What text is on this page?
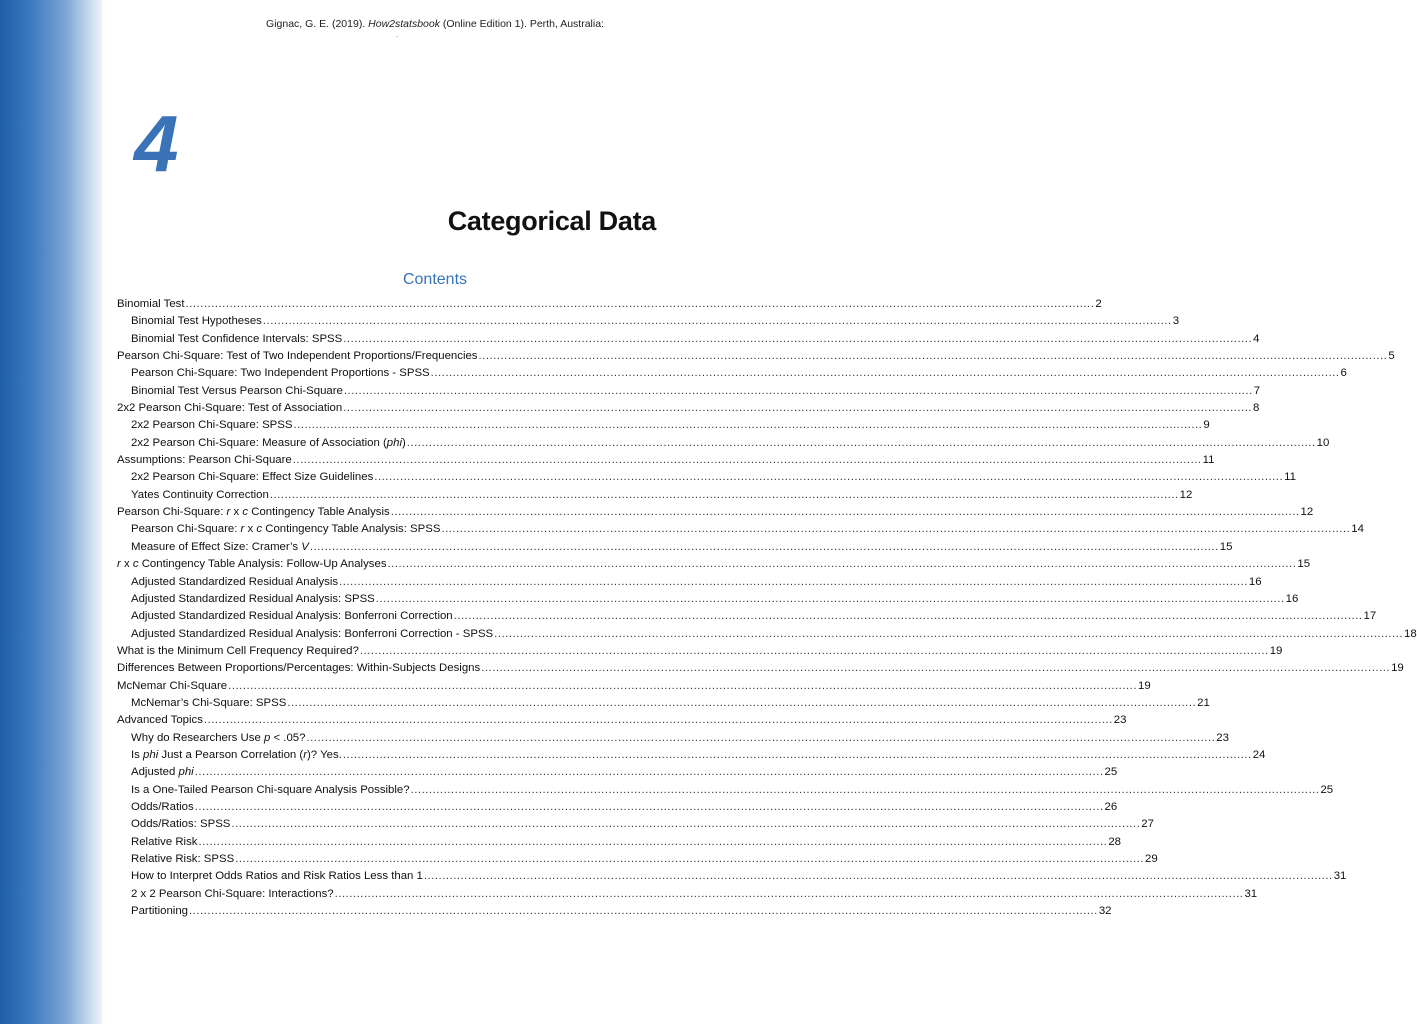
Gignac, G. E. (2019). How2statsbook (Online Edition 1). Perth, Australia:
.
4
Categorical Data
Contents
Binomial Test .....	2
Binomial Test Hypotheses .....	3
Binomial Test Confidence Intervals: SPSS .....	4
Pearson Chi-Square: Test of Two Independent Proportions/Frequencies .....	5
Pearson Chi-Square: Two Independent Proportions - SPSS .....	6
Binomial Test Versus Pearson Chi-Square .....	7
2x2 Pearson Chi-Square: Test of Association .....	8
2x2 Pearson Chi-Square: SPSS .....	9
2x2 Pearson Chi-Square: Measure of Association (phi) .....	10
Assumptions: Pearson Chi-Square .....	11
2x2 Pearson Chi-Square: Effect Size Guidelines .....	11
Yates Continuity Correction .....	12
Pearson Chi-Square: r x c Contingency Table Analysis .....	12
Pearson Chi-Square: r x c Contingency Table Analysis: SPSS .....	14
Measure of Effect Size: Cramer’s V .....	15
r x c Contingency Table Analysis: Follow-Up Analyses .....	15
Adjusted Standardized Residual Analysis .....	16
Adjusted Standardized Residual Analysis: SPSS .....	16
Adjusted Standardized Residual Analysis: Bonferroni Correction .....	17
Adjusted Standardized Residual Analysis: Bonferroni Correction - SPSS .....	18
What is the Minimum Cell Frequency Required? .....	19
Differences Between Proportions/Percentages: Within-Subjects Designs .....	19
McNemar Chi-Square .....	19
McNemar’s Chi-Square: SPSS .....	21
Advanced Topics .....	23
Why do Researchers Use p < .05? .....	23
Is phi Just a Pearson Correlation (r)? Yes. .....	24
Adjusted phi .....	25
Is a One-Tailed Pearson Chi-square Analysis Possible? .....	25
Odds/Ratios .....	26
Odds/Ratios: SPSS .....	27
Relative Risk .....	28
Relative Risk: SPSS .....	29
How to Interpret Odds Ratios and Risk Ratios Less than 1 .....	31
2 x 2 Pearson Chi-Square: Interactions? .....	31
Partitioning .....	32
